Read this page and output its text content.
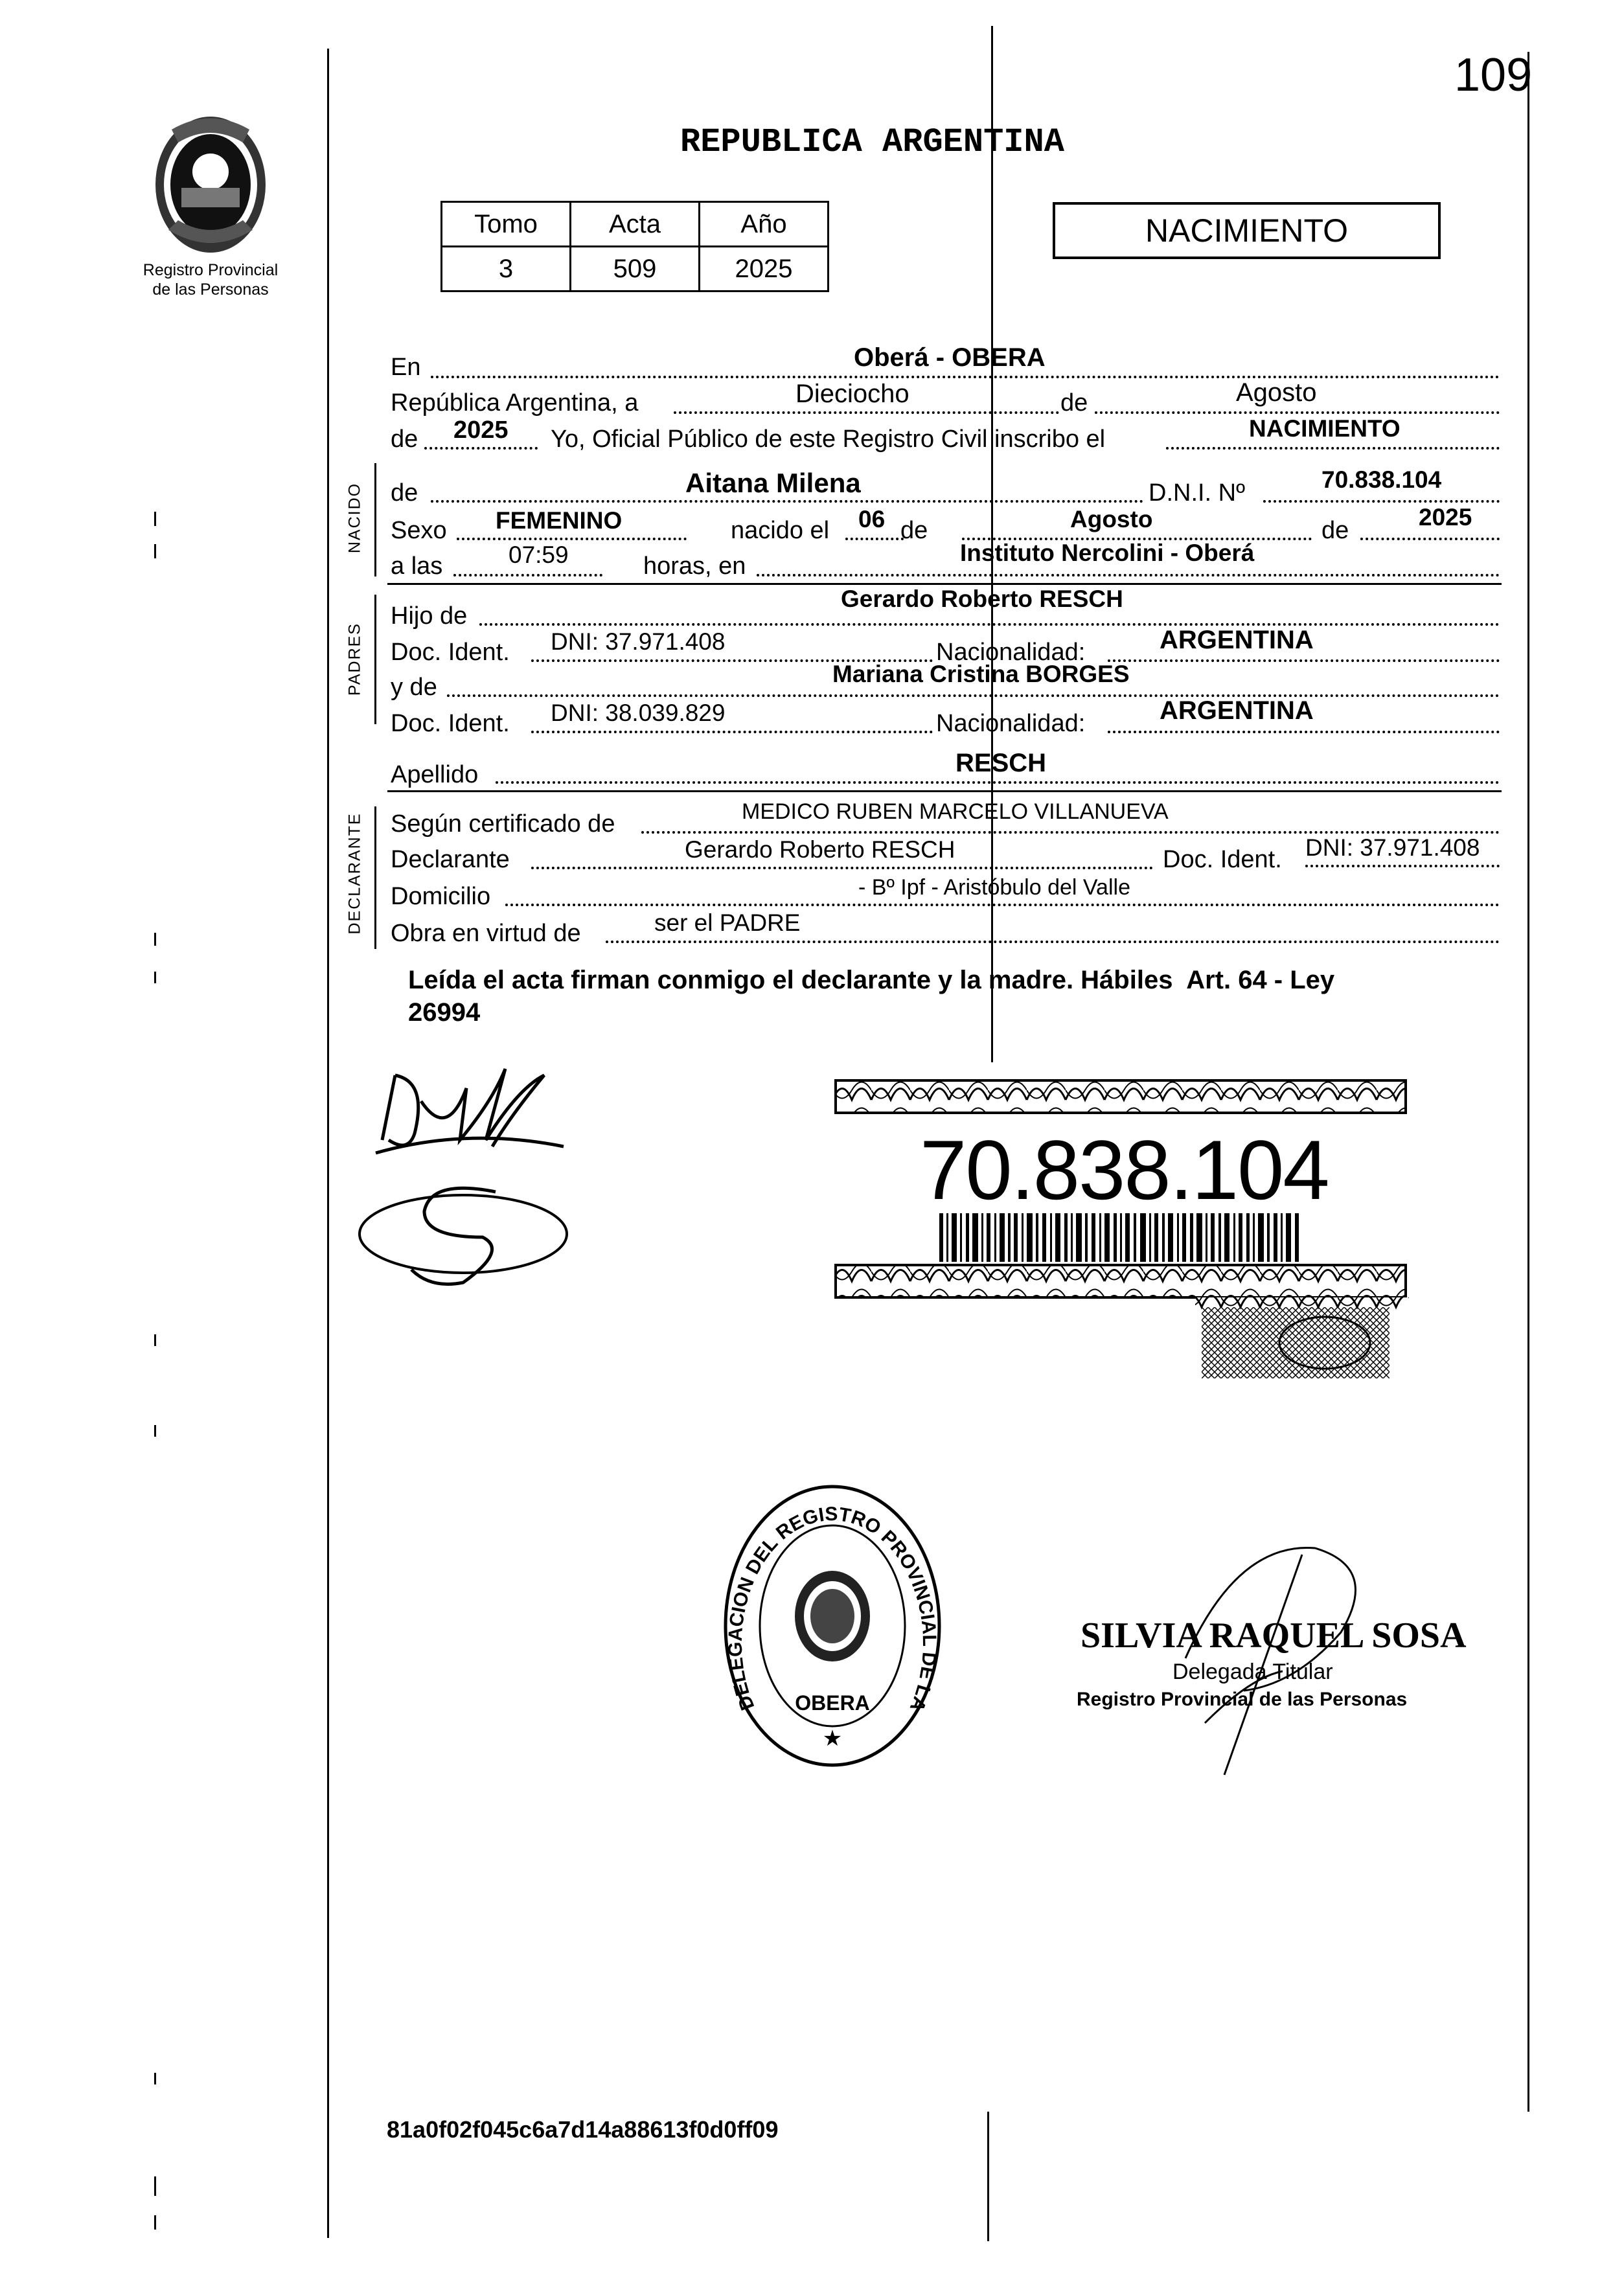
109
Registro Provincial
de las Personas
REPUBLICA ARGENTINA
Tomo	Acta	Año
3	509	2025
NACIMIENTO
En	Oberá - OBERA
República Argentina, a	Dieciocho	de	Agosto
de 2025 Yo, Oficial Público de este Registro Civil inscribo el	NACIMIENTO
NACIDO de	Aitana Milena	D.N.I. Nº	70.838.104
Sexo FEMENINO	nacido el 06 de	Agosto	de	2025
a las	07:59	horas, en	Instituto Nercolini - Oberá
PADRES
Hijo de
Gerardo Roberto RESCH
Doc. Ident. DNI: 37.971.408	Nacionalidad:	ARGENTINA
y de	Mariana Cristina BORGES
Doc. Ident. DNI: 38.039.829	Nacionalidad:	ARGENTINA
Apellido	RESCH
DECLARANTE Según certificado de	MEDICO RUBEN MARCELO VILLANUEVA
Declarante	Gerardo Roberto RESCH	Doc. Ident. DNI: 37.971.408
Domicilio	- Bº Ipf - Aristóbulo del Valle
Obra en virtud de	ser el PADRE
Leída el acta firman conmigo el declarante y la madre. Hábiles  Art. 64 - Ley
26994
70.838.104
DELEGACION DEL REGISTRO PROVINCIAL DE LA
OBERA
★
SILVIA RAQUEL SOSA
Delegada Titular
Registro Provincial de las Personas
81a0f02f045c6a7d14a88613f0d0ff09
